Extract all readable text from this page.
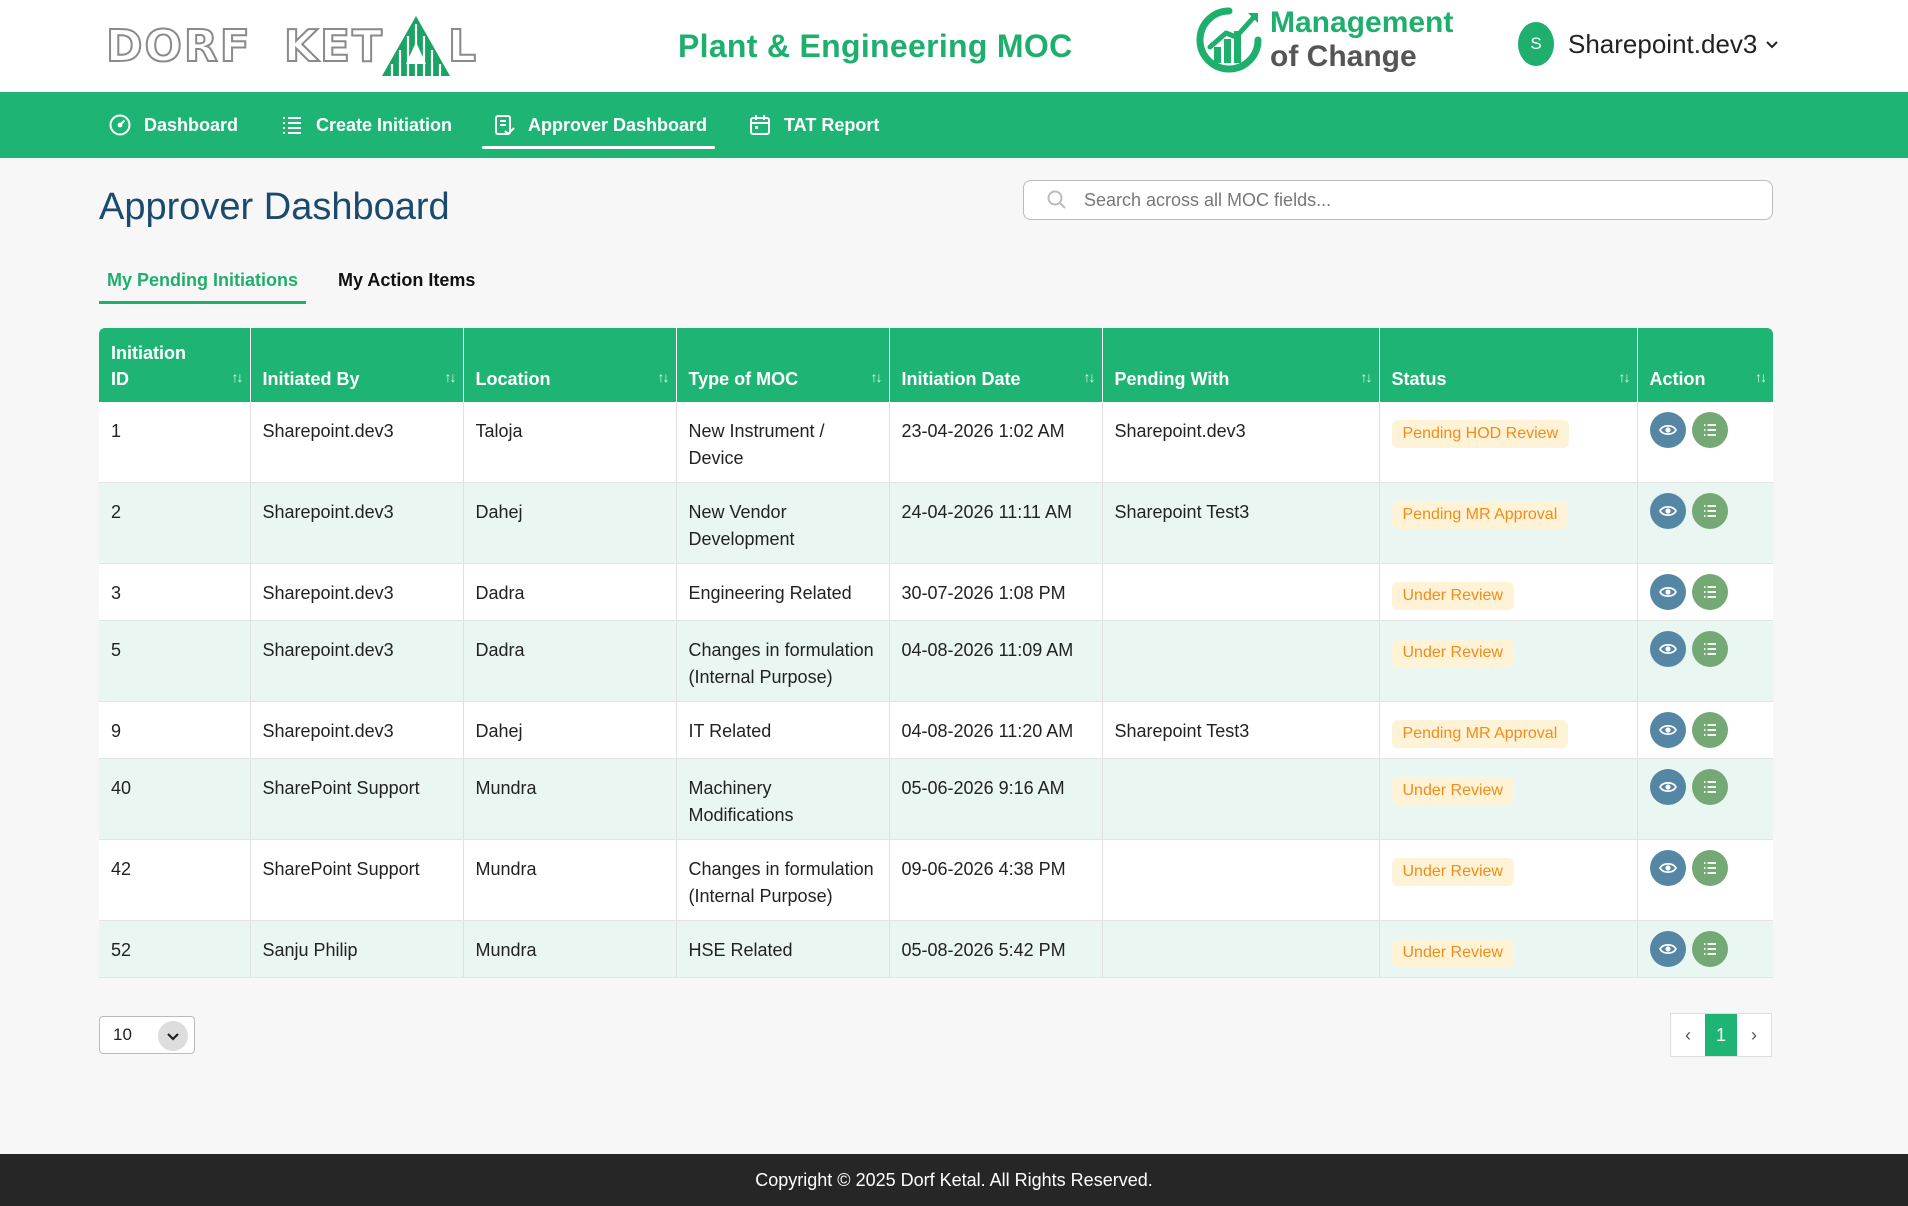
DORF KET L	Plant & Engineering MOC
Management
of Change	S	Sharepoint.dev3
Dashboard	Create Initiation	Approver Dashboard	TAT Report
Approver Dashboard
Search across all MOC fields...
My Pending Initiations	My Action Items
Initiation ID ↑↓	Initiated By ↑↓	Location ↑↓	Type of MOC ↑↓	Initiation Date ↑↓	Pending With ↑↓	Status ↑↓	Action ↑↓

1	Sharepoint.dev3	Taloja	New Instrument / Device	23-04-2026 1:02 AM	Sharepoint.dev3	Pending HOD Review	

2	Sharepoint.dev3	Dahej	New Vendor Development	24-04-2026 11:11 AM	Sharepoint Test3	Pending MR Approval	

3	Sharepoint.dev3	Dadra	Engineering Related	30-07-2026 1:08 PM		Under Review	

5	Sharepoint.dev3	Dadra	Changes in formulation (Internal Purpose)	04-08-2026 11:09 AM		Under Review	

9	Sharepoint.dev3	Dahej	IT Related	04-08-2026 11:20 AM	Sharepoint Test3	Pending MR Approval	

40	SharePoint Support	Mundra	Machinery Modifications	05-06-2026 9:16 AM		Under Review	

42	SharePoint Support	Mundra	Changes in formulation (Internal Purpose)	09-06-2026 4:38 PM		Under Review	

52	Sanju Philip	Mundra	HSE Related	05-08-2026 5:42 PM		Under Review	
10	‹	1	›
Copyright © 2025 Dorf Ketal. All Rights Reserved.
